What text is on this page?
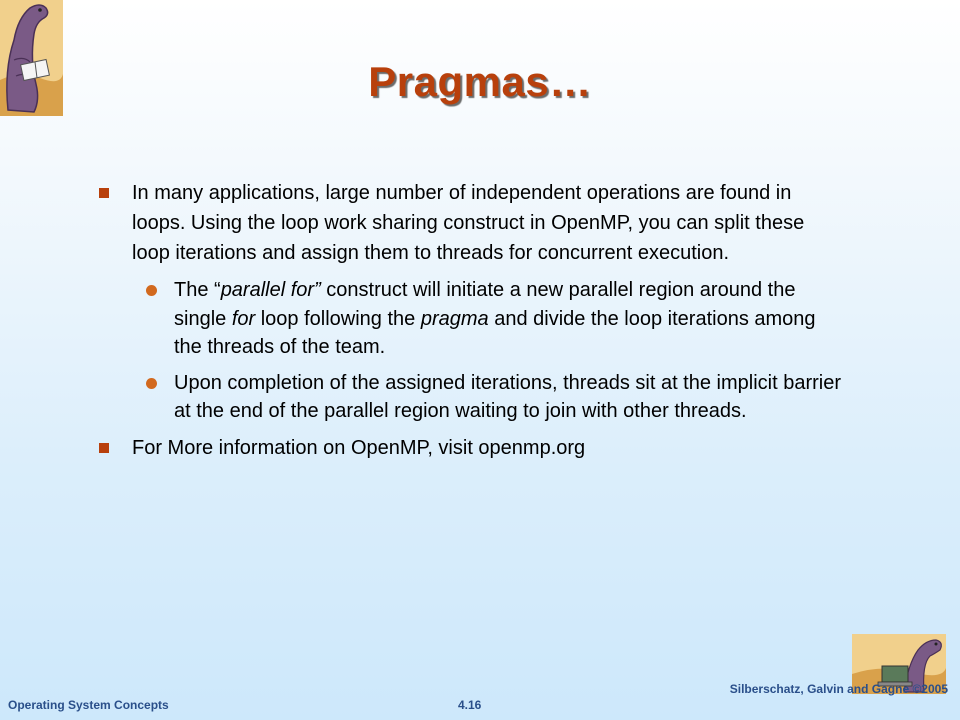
Pragmas…
In many applications, large number of independent operations are found in loops. Using the loop work sharing construct in OpenMP, you can split these loop iterations and assign them to threads for concurrent execution.
The “parallel for” construct will initiate a new parallel region around the single for loop following the pragma and divide the loop iterations among the threads of the team.
Upon completion of the assigned iterations, threads sit at the implicit barrier at the end of the parallel region waiting to join with other threads.
For More information on OpenMP, visit openmp.org
Operating System Concepts	4.16
Silberschatz, Galvin and Gagne ©2005
